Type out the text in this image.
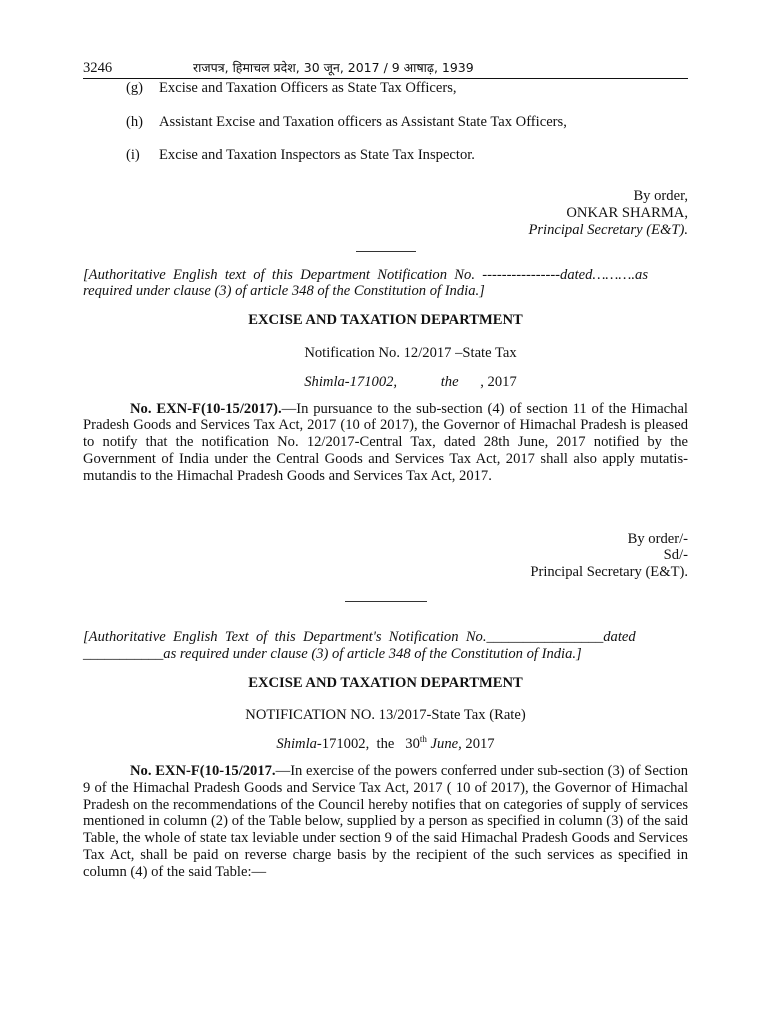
3246	राजपत्र, हिमाचल प्रदेश, 30 जून, 2017 / 9 आषाढ़, 1939
(g)	Excise and Taxation Officers as State Tax Officers,
(h)	Assistant Excise and Taxation officers as Assistant State Tax Officers,
(i)	Excise and Taxation Inspectors as State Tax Inspector.
By order,
ONKAR SHARMA,
Principal Secretary (E&T).
[Authoritative  English  text  of  this  Department  Notification  No.  ----------------dated……….as
required under clause (3) of article 348 of the Constitution of India.]
EXCISE AND TAXATION DEPARTMENT
Notification No. 12/2017 –State Tax
Shimla-171002,	the , 2017
No. EXN-F(10-15/2017).—In pursuance to the sub-section (4) of section 11 of the Himachal Pradesh Goods and Services Tax Act, 2017 (10 of 2017), the Governor of Himachal Pradesh is pleased to notify that the notification No. 12/2017-Central Tax, dated 28th June, 2017 notified by the Government of India under the Central Goods and Services Tax Act, 2017 shall also apply mutatis-mutandis to the Himachal Pradesh Goods and Services Tax Act, 2017.
By order/-
Sd/-
Principal Secretary (E&T).
[Authoritative  English  Text  of  this  Department's  Notification  No.________________dated
___________as required under clause (3) of article 348 of the Constitution of India.]
EXCISE AND TAXATION DEPARTMENT
NOTIFICATION NO. 13/2017-State Tax (Rate)
Shimla-171002,  the   30th June, 2017
No. EXN-F(10-15/2017.—In exercise of the powers conferred under sub-section (3) of Section 9 of the Himachal Pradesh Goods and Service Tax Act, 2017 ( 10 of 2017), the Governor of Himachal Pradesh on the recommendations of the Council hereby notifies that on categories of supply of services mentioned in column (2) of the Table below, supplied by a person as specified in column (3) of the said Table, the whole of state tax leviable under section 9 of the said Himachal Pradesh Goods and Services Tax Act, shall be paid on reverse charge basis by the recipient of the such services as specified in column (4) of the said Table:—
